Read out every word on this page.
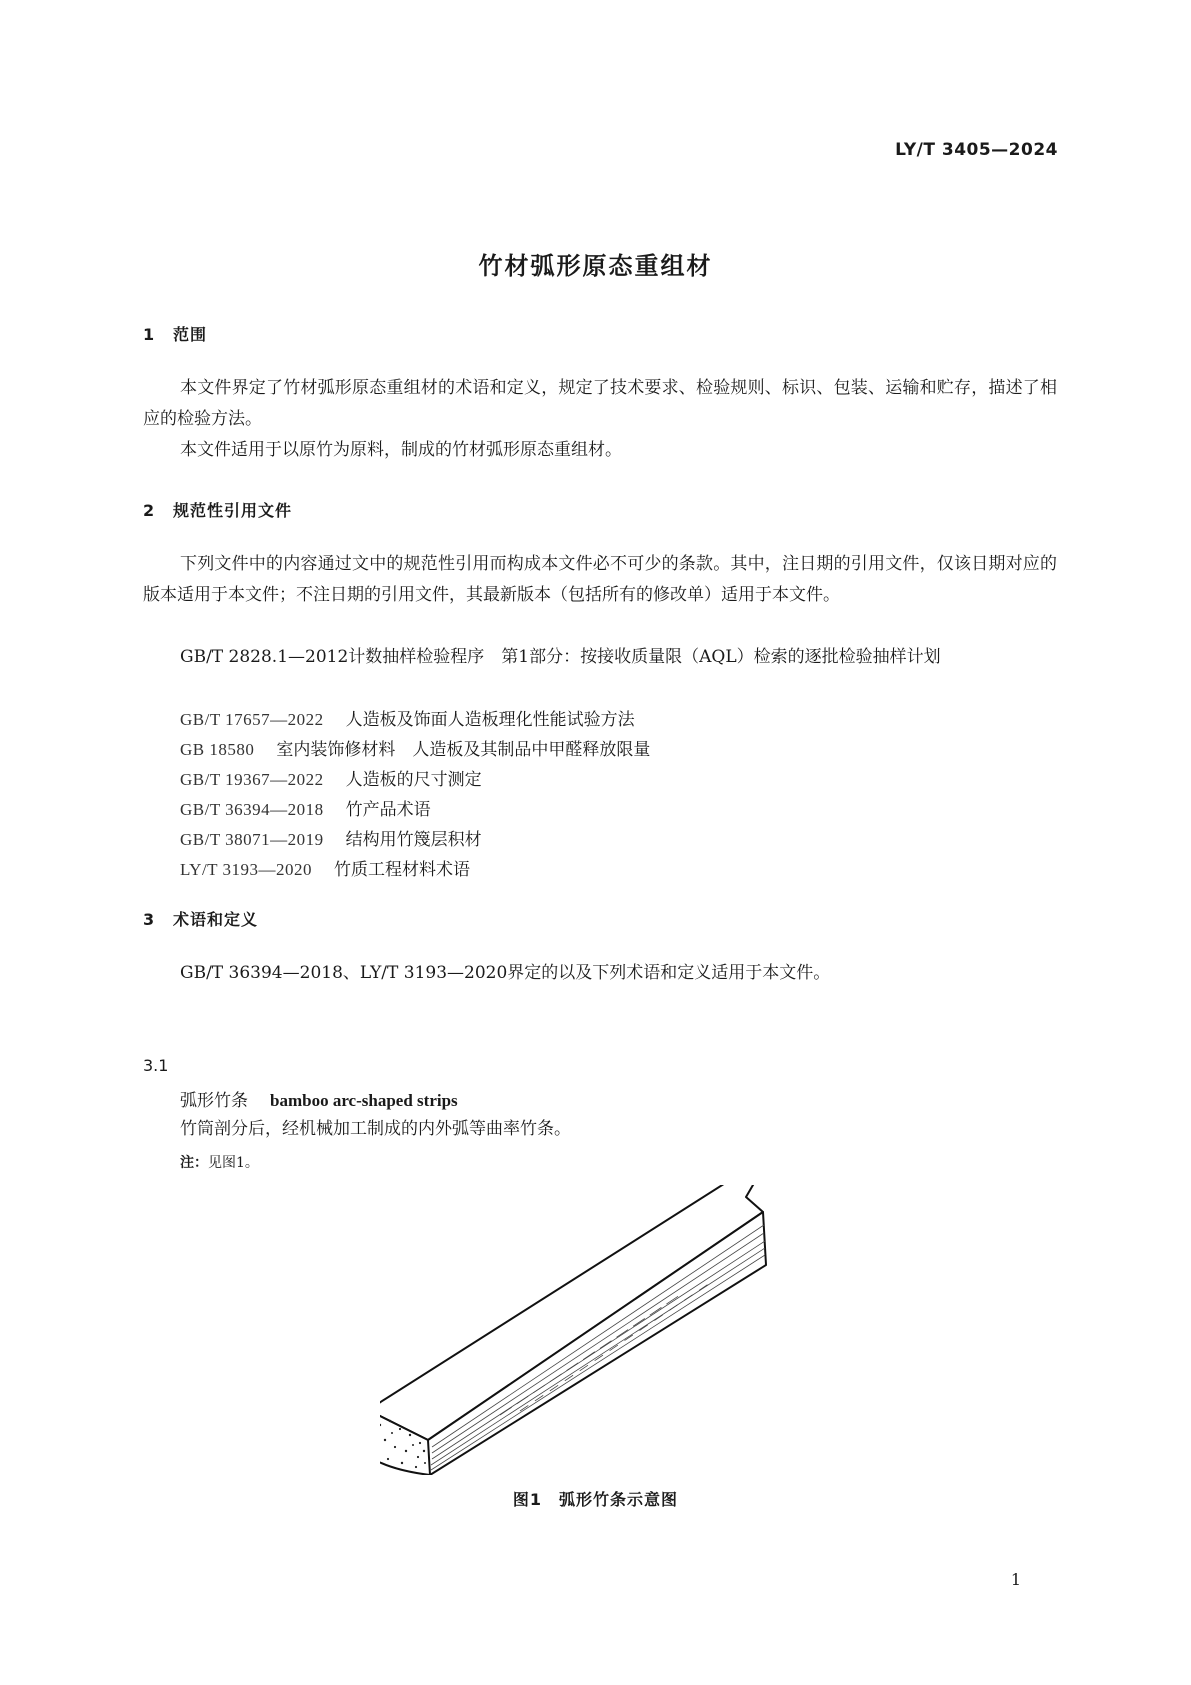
LY/T 3405—2024
竹材弧形原态重组材
1 范围
本文件界定了竹材弧形原态重组材的术语和定义，规定了技术要求、检验规则、标识、包装、运输和贮存，描述了相应的检验方法。
本文件适用于以原竹为原料，制成的竹材弧形原态重组材。
2 规范性引用文件
下列文件中的内容通过文中的规范性引用而构成本文件必不可少的条款。其中，注日期的引用文件，仅该日期对应的版本适用于本文件；不注日期的引用文件，其最新版本（包括所有的修改单）适用于本文件。
GB/T 2828.1—2012计数抽样检验程序　第1部分：按接收质量限（AQL）检索的逐批检验抽样计划
GB/T 17657—2022 人造板及饰面人造板理化性能试验方法
GB 18580 室内装饰修材料　人造板及其制品中甲醛释放限量
GB/T 19367—2022 人造板的尺寸测定
GB/T 36394—2018 竹产品术语
GB/T 38071—2019 结构用竹篾层积材
LY/T 3193—2020 竹质工程材料术语
3 术语和定义
GB/T 36394—2018、LY/T 3193—2020界定的以及下列术语和定义适用于本文件。
3.1
弧形竹条 bamboo arc-shaped strips
竹筒剖分后，经机械加工制成的内外弧等曲率竹条。
注：见图1。
图1　弧形竹条示意图
1
